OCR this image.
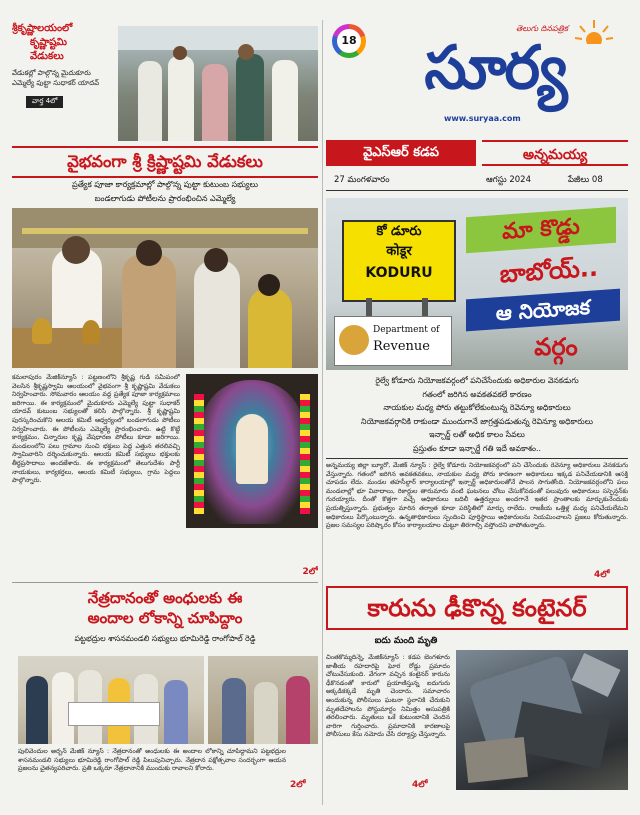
శ్రీకృష్ణాలయంలో
కృష్ణాష్టమి
వేడుకలు
వేడుకల్లో పాల్గొన్న మైదుకూరు ఎమ్మెల్యే పుట్టా సుధాకర్ యాదవ్
వార్త 4లో
18
తెలుగు దినపత్రిక
సూర్య
www.suryaa.com
వైఎస్ఆర్ కడప	అన్నమయ్య
27 మంగళవారం	ఆగస్టు 2024	పేజీలు 08
వైభవంగా శ్రీ క్రిష్ణాష్టమి వేడుకలు
ప్రత్యేక పూజా కార్యక్రమాల్లో పాల్గొన్న పుట్టా కుటుంబ సభ్యులు
బండలాగుడు పోటీలను ప్రారంభించిన ఎమ్మెల్యే
కమలాపురం మేజిక్‌న్యూస్ : పట్టణంలోని శ్రీకృష్ణ గుడి సమీపంలో వెలసిన శ్రీకృష్ణస్వామి ఆలయంలో వైభవంగా శ్రీ కృష్ణాష్టమి వేడుకలు నిర్వహించారు. సోమవారం ఆలయం వద్ద ప్రత్యేక పూజా కార్యక్రమాలు జరిగాయి. ఈ కార్యక్రమంలో మైదుకూరు ఎమ్మెల్యే పుట్టా సుధాకర్ యాదవ్ కుటుంబ సభ్యులతో కలిసి పాల్గొన్నారు. శ్రీ కృష్ణాష్టమి పురస్కరించుకొని ఆలయ కమిటీ ఆధ్వర్యంలో బండలాగుడు పోటీలు నిర్వహించారు. ఈ పోటీలను ఎమ్మెల్యే ప్రారంభించారు. ఉట్టి కొట్టే కార్యక్రమం, చిన్నారుల కృష్ణ వేషధారణ పోటీలు కూడా జరిగాయి. మండలంలోని పలు గ్రామాల నుంచి భక్తులు పెద్ద ఎత్తున తరలివచ్చి స్వామివారిని దర్శించుకున్నారు. ఆలయ కమిటీ సభ్యులు భక్తులకు తీర్థప్రసాదాలు అందజేశారు. ఈ కార్యక్రమంలో తెలుగుదేశం పార్టీ నాయకులు, కార్యకర్తలు, ఆలయ కమిటీ సభ్యులు, గ్రామ పెద్దలు పాల్గొన్నారు.
2లో
కో డూరు
कोडूर
KODURU
Department of
Revenue
మా కొడ్డు
బాబోయ్..
ఆ నియోజక
వర్గం
రైల్వే కోడూరు నియోజకవర్గంలో పనిచేసేందుకు అధికారుల వెనకడుగు
గతంలో జరిగిన అవకతవకలే కారణం
నాయకుల మధ్య పోరు తట్టుకోలేకుంటున్న రెవెన్యూ అధికారులు
నియోజకవర్గానికి రాకుండా ముందుగానే జాగ్రత్తపడుతున్న రెవిన్యూ అధికారులు
ఇన్చార్జ్ లతో అధిక కాలం సేవలు
ప్రస్తుతం కూడా ఇన్చార్జే గతి ఇదే అవకాశం..
అన్నమయ్య జిల్లా బ్యూరో, మేజిక్ న్యూస్ : రైల్వే కోడూరు నియోజకవర్గంలో పని చేసేందుకు రెవెన్యూ అధికారులు వెనకడుగు వేస్తున్నారు. గతంలో జరిగిన అవకతవకలు, నాయకుల మధ్య పోరు కారణంగా అధికారులు ఇక్కడ పనిచేయడానికి ఆసక్తి చూపడం లేదు. మండల తహసీల్దార్ కార్యాలయాల్లో ఇన్చార్జ్ అధికారులతోనే పాలన సాగుతోంది. నియోజకవర్గంలోని పలు మండలాల్లో భూ వివాదాలు, రికార్డుల తారుమారు వంటి ఘటనలు చోటు చేసుకోవడంతో పలువురు అధికారులు సస్పెన్షన్‌కు గురయ్యారు. దీంతో కొత్తగా వచ్చే అధికారులు బదిలీ ఉత్తర్వులు అందగానే ఇతర ప్రాంతాలకు మార్చుకునేందుకు ప్రయత్నిస్తున్నారు. ప్రభుత్వం మారిన తర్వాత కూడా పరిస్థితిలో మార్పు రాలేదు. రాజకీయ ఒత్తిళ్ల మధ్య పనిచేయలేమని అధికారులు పేర్కొంటున్నారు. ఉన్నతాధికారులు స్పందించి పూర్తిస్థాయి అధికారులను నియమించాలని ప్రజలు కోరుతున్నారు. ప్రజల సమస్యల పరిష్కారం కోసం కార్యాలయాల చుట్టూ తిరగాల్సి వస్తోందని వాపోతున్నారు.
4లో
నేత్రదానంతో అంధులకు ఈ
అందాల లోకాన్ని చూపిద్దాం
పట్టభద్రుల శాసనమండలి సభ్యులు భూమిరెడ్డి రాంగోపాల్ రెడ్డి
పులివెందుల అర్బన్ మేజిక్ న్యూస్ : నేత్రదానంతో అంధులకు ఈ అందాల లోకాన్ని చూపిద్దామని పట్టభద్రుల శాసనమండలి సభ్యులు భూమిరెడ్డి రాంగోపాల్ రెడ్డి పిలుపునిచ్చారు. నేత్రదాన పక్షోత్సవాల సందర్భంగా ఆయన ప్రజలను చైతన్యపరిచారు. ప్రతి ఒక్కరూ నేత్రదానానికి ముందుకు రావాలని కోరారు.
2లో
కారును ఢీకొన్న కంటైనర్
ఐదు మంది మృతి
చింతకొమ్మదిన్నె, మేజిక్‌న్యూస్ : కడప బెంగళూరు జాతీయ రహదారిపై ఘోర రోడ్డు ప్రమాదం చోటుచేసుకుంది. వేగంగా వచ్చిన కంటైనర్ కారును ఢీకొనడంతో కారులో ప్రయాణిస్తున్న ఐదుగురు అక్కడికక్కడే మృతి చెందారు. సమాచారం అందుకున్న పోలీసులు ఘటనా స్థలానికి చేరుకుని మృతదేహాలను పోస్టుమార్టం నిమిత్తం ఆసుపత్రికి తరలించారు. మృతులు ఒకే కుటుంబానికి చెందిన వారిగా గుర్తించారు. ప్రమాదానికి కారణాలపై పోలీసులు కేసు నమోదు చేసి దర్యాప్తు చేస్తున్నారు.
4లో
